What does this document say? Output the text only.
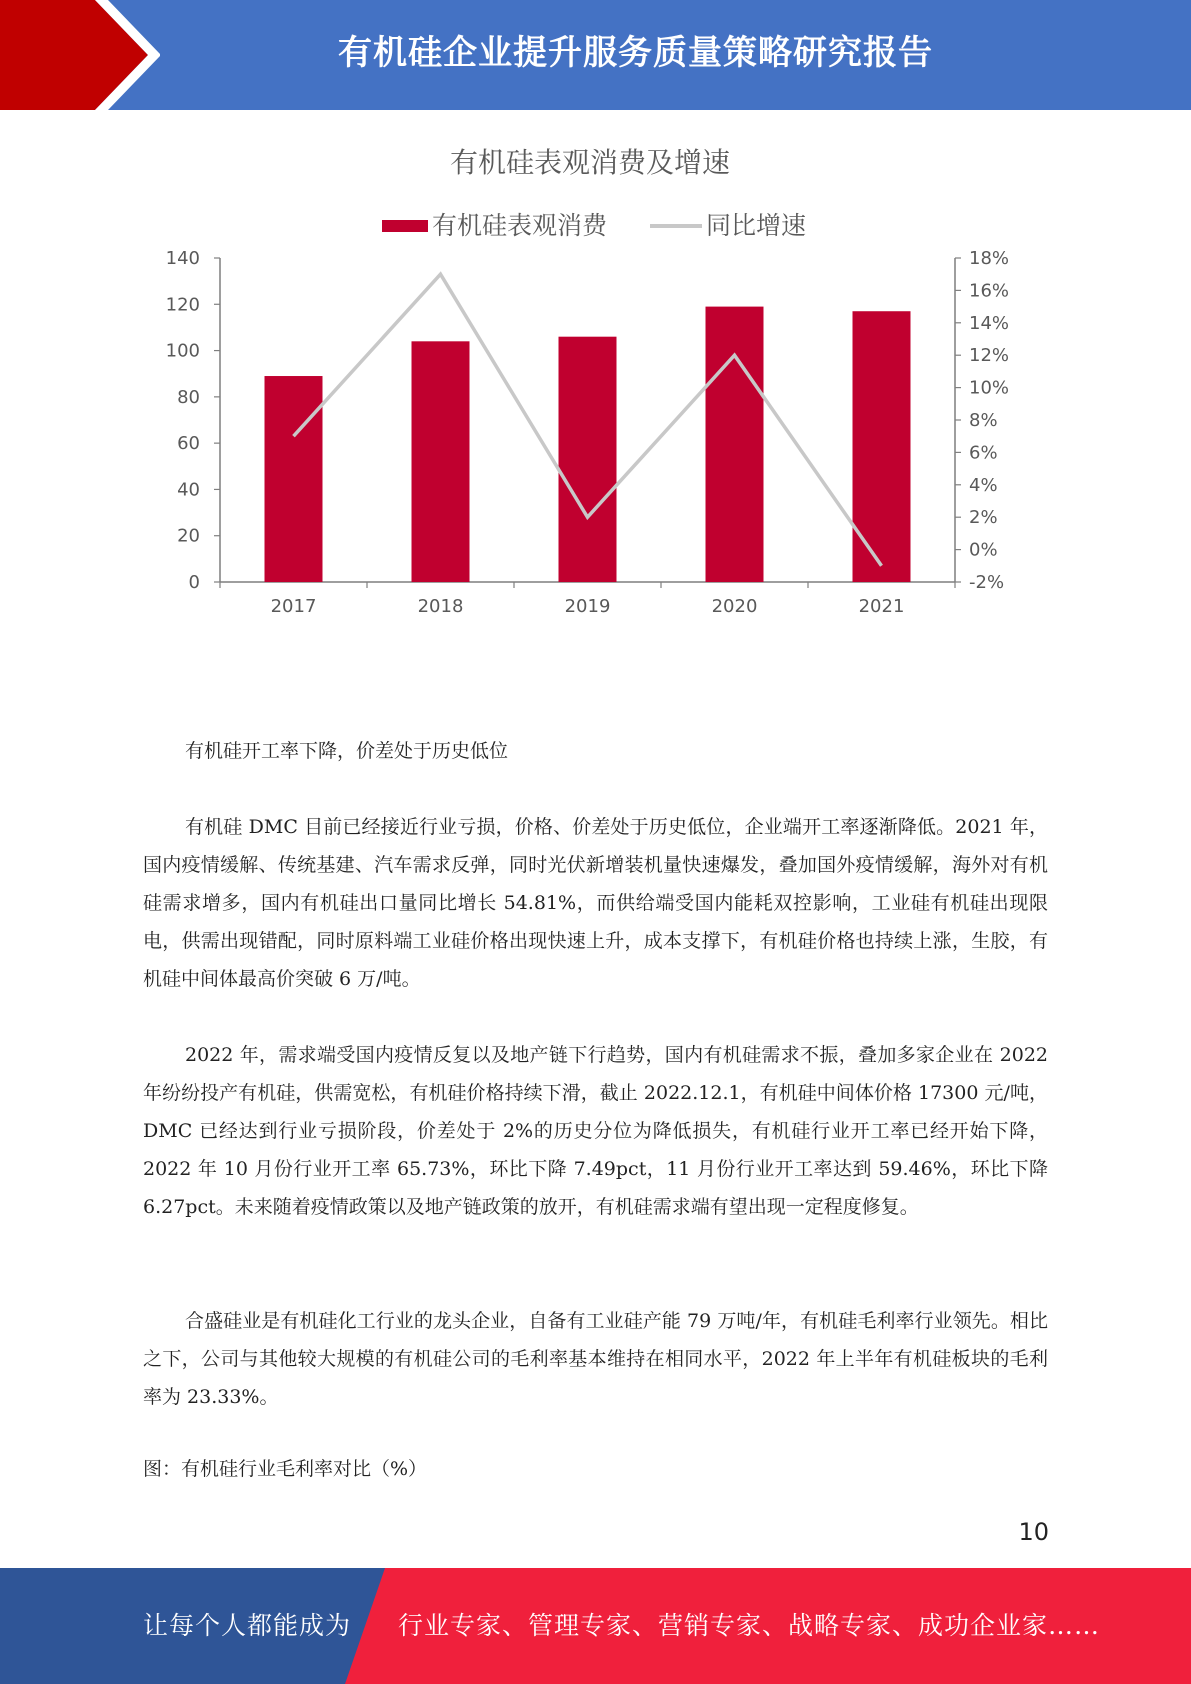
有机硅企业提升服务质量策略研究报告
有机硅表观消费及增速
有机硅表观消费	同比增速
0
20
40
60
80
100
120
140
-2%
0%
2%
4%
6%
8%
10%
12%
14%
16%
18%
2017	2018	2019	2020	2021

有机硅开工率下降，价差处于历史低位

有机硅 DMC 目前已经接近行业亏损，价格、价差处于历史低位，企业端开工率逐渐降低。2021 年，国内疫情缓解、传统基建、汽车需求反弹，同时光伏新增装机量快速爆发，叠加国外疫情缓解，海外对有机硅需求增多，国内有机硅出口量同比增长 54.81%，而供给端受国内能耗双控影响，工业硅有机硅出现限电，供需出现错配，同时原料端工业硅价格出现快速上升，成本支撑下，有机硅价格也持续上涨，生胶，有机硅中间体最高价突破 6 万/吨。

2022 年，需求端受国内疫情反复以及地产链下行趋势，国内有机硅需求不振，叠加多家企业在 2022 年纷纷投产有机硅，供需宽松，有机硅价格持续下滑，截止 2022.12.1，有机硅中间体价格 17300 元/吨，DMC 已经达到行业亏损阶段，价差处于 2%的历史分位为降低损失，有机硅行业开工率已经开始下降，2022 年 10 月份行业开工率 65.73%，环比下降 7.49pct，11 月份行业开工率达到 59.46%，环比下降 6.27pct。未来随着疫情政策以及地产链政策的放开，有机硅需求端有望出现一定程度修复。

合盛硅业是有机硅化工行业的龙头企业，自备有工业硅产能 79 万吨/年，有机硅毛利率行业领先。相比之下，公司与其他较大规模的有机硅公司的毛利率基本维持在相同水平，2022 年上半年有机硅板块的毛利率为 23.33%。

图：有机硅行业毛利率对比（%）

10
让每个人都能成为 行业专家、管理专家、营销专家、战略专家、成功企业家……
